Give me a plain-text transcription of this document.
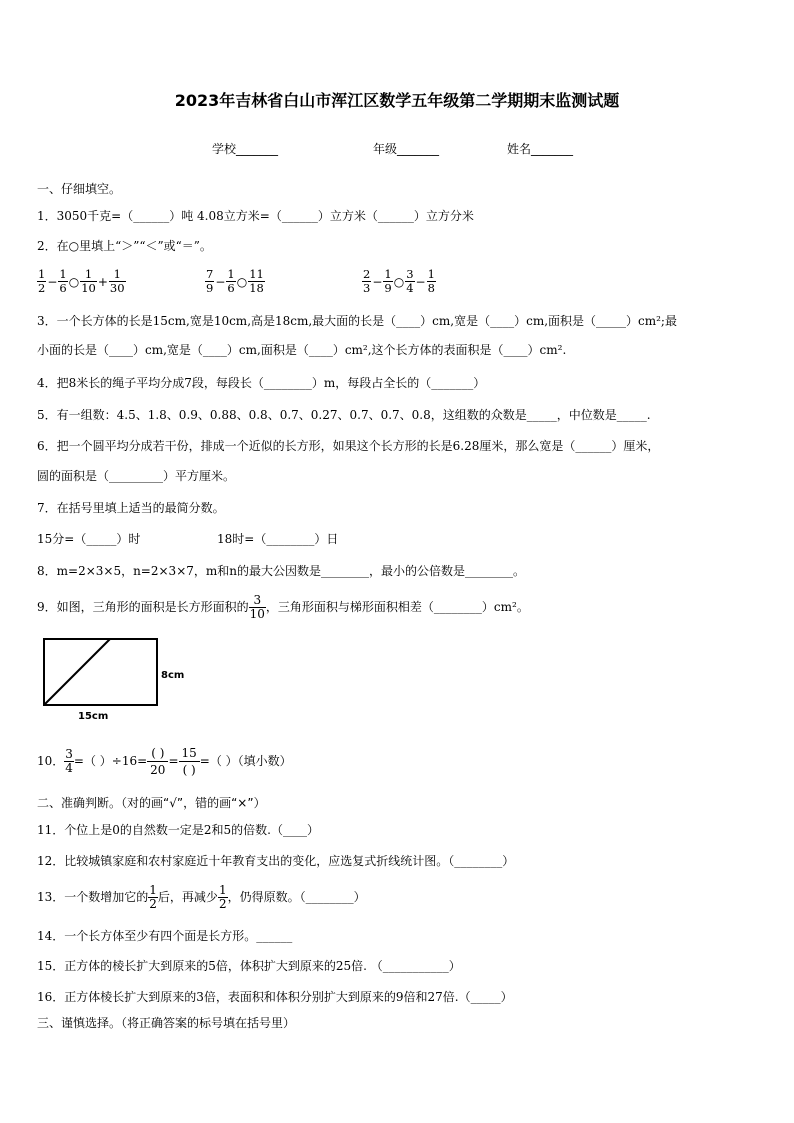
2023年吉林省白山市浑江区数学五年级第二学期期末监测试题
学校_______	年级_______	姓名_______
一、仔细填空。
1．3050千克=（______）吨 4.08立方米=（______）立方米（______）立方分米
2．在○里填上“＞”“＜”或“＝”。
$\frac{1}{2} - \frac{1}{6}$ ○ $\frac{1}{10} + \frac{1}{30}$	$\frac{7}{9} - \frac{1}{6}$ ○ $\frac{11}{18}$	$\frac{2}{3} - \frac{1}{9}$ ○ $\frac{3}{4} - \frac{1}{8}$
3．一个长方体的长是15cm,宽是10cm,高是18cm,最大面的长是（____）cm,宽是（____）cm,面积是（_____）cm²;最
小面的长是（____）cm,宽是（____）cm,面积是（____）cm²,这个长方体的表面积是（____）cm².
4．把8米长的绳子平均分成7段，每段长（________）m，每段占全长的（_______）
5．有一组数：4.5、1.8、0.9、0.88、0.8、0.7、0.27、0.7、0.7、0.8，这组数的众数是_____，中位数是_____.
6．把一个圆平均分成若干份，排成一个近似的长方形，如果这个长方形的长是6.28厘米，那么宽是（______）厘米，
圆的面积是（_________）平方厘米。
7．在括号里填上适当的最简分数。
15分=（_____）时	18时=（________）日
8．m=2×3×5，n=2×3×7，m和n的最大公因数是________，最小的公倍数是________。
9．如图，三角形的面积是长方形面积的 $\frac{3}{10}$ ，三角形面积与梯形面积相差（________）cm²。
8cm
15cm
10． $\frac{3}{4}$ =（ ）÷16=
( )
20
=
15
( )
=（ ）（填小数）
二、准确判断。（对的画“√”，错的画“×”）
11．个位上是0的自然数一定是2和5的倍数.（____）
12．比较城镇家庭和农村家庭近十年教育支出的变化，应选复式折线统计图。（________）
13．一个数增加它的 $\frac{1}{2}$ 后，再减少 $\frac{1}{2}$ ，仍得原数。（________）
14．一个长方体至少有四个面是长方形。______
15．正方体的棱长扩大到原来的5倍，体积扩大到原来的25倍. （___________）
16．正方体棱长扩大到原来的3倍，表面积和体积分别扩大到原来的9倍和27倍.（_____）
三、谨慎选择。（将正确答案的标号填在括号里）
